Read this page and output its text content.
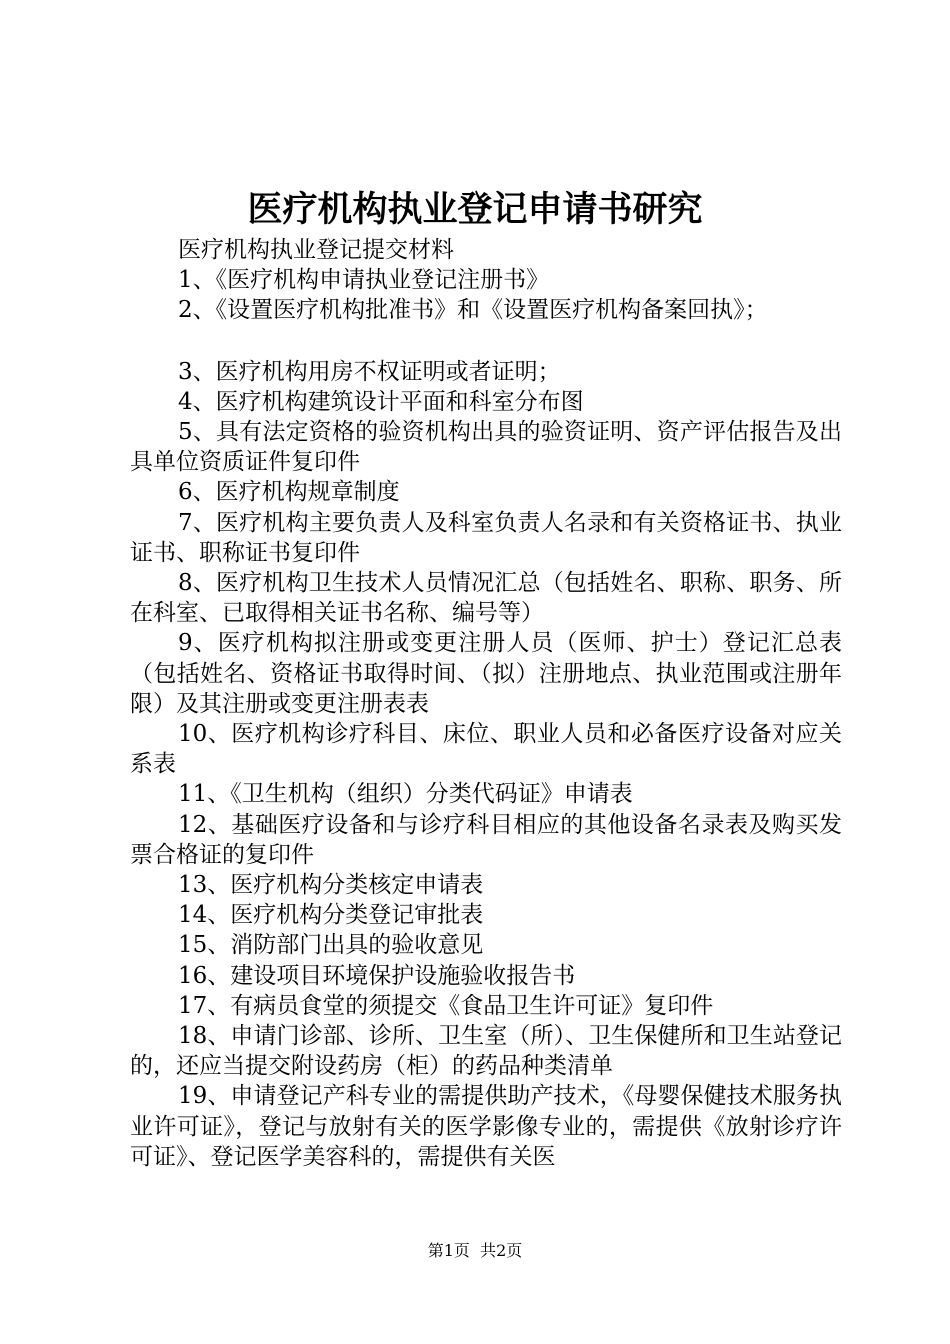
医疗机构执业登记申请书研究

医疗机构执业登记提交材料

1、《医疗机构申请执业登记注册书》

2、《设置医疗机构批准书》和《设置医疗机构备案回执》；

3、医疗机构用房不权证明或者证明；

4、医疗机构建筑设计平面和科室分布图

5、具有法定资格的验资机构出具的验资证明、资产评估报告及出具单位资质证件复印件

6、医疗机构规章制度

7、医疗机构主要负责人及科室负责人名录和有关资格证书、执业证书、职称证书复印件

8、医疗机构卫生技术人员情况汇总（包括姓名、职称、职务、所在科室、已取得相关证书名称、编号等）

9、医疗机构拟注册或变更注册人员（医师、护士）登记汇总表（包括姓名、资格证书取得时间、（拟）注册地点、执业范围或注册年限）及其注册或变更注册表表

10、医疗机构诊疗科目、床位、职业人员和必备医疗设备对应关系表

11、《卫生机构（组织）分类代码证》申请表

12、基础医疗设备和与诊疗科目相应的其他设备名录表及购买发票合格证的复印件

13、医疗机构分类核定申请表

14、医疗机构分类登记审批表

15、消防部门出具的验收意见

16、建设项目环境保护设施验收报告书

17、有病员食堂的须提交《食品卫生许可证》复印件

18、申请门诊部、诊所、卫生室（所）、卫生保健所和卫生站登记的，还应当提交附设药房（柜）的药品种类清单

19、申请登记产科专业的需提供助产技术，《母婴保健技术服务执业许可证》，登记与放射有关的医学影像专业的，需提供《放射诊疗许可证》、登记医学美容科的，需提供有关医

第1页 共2页
